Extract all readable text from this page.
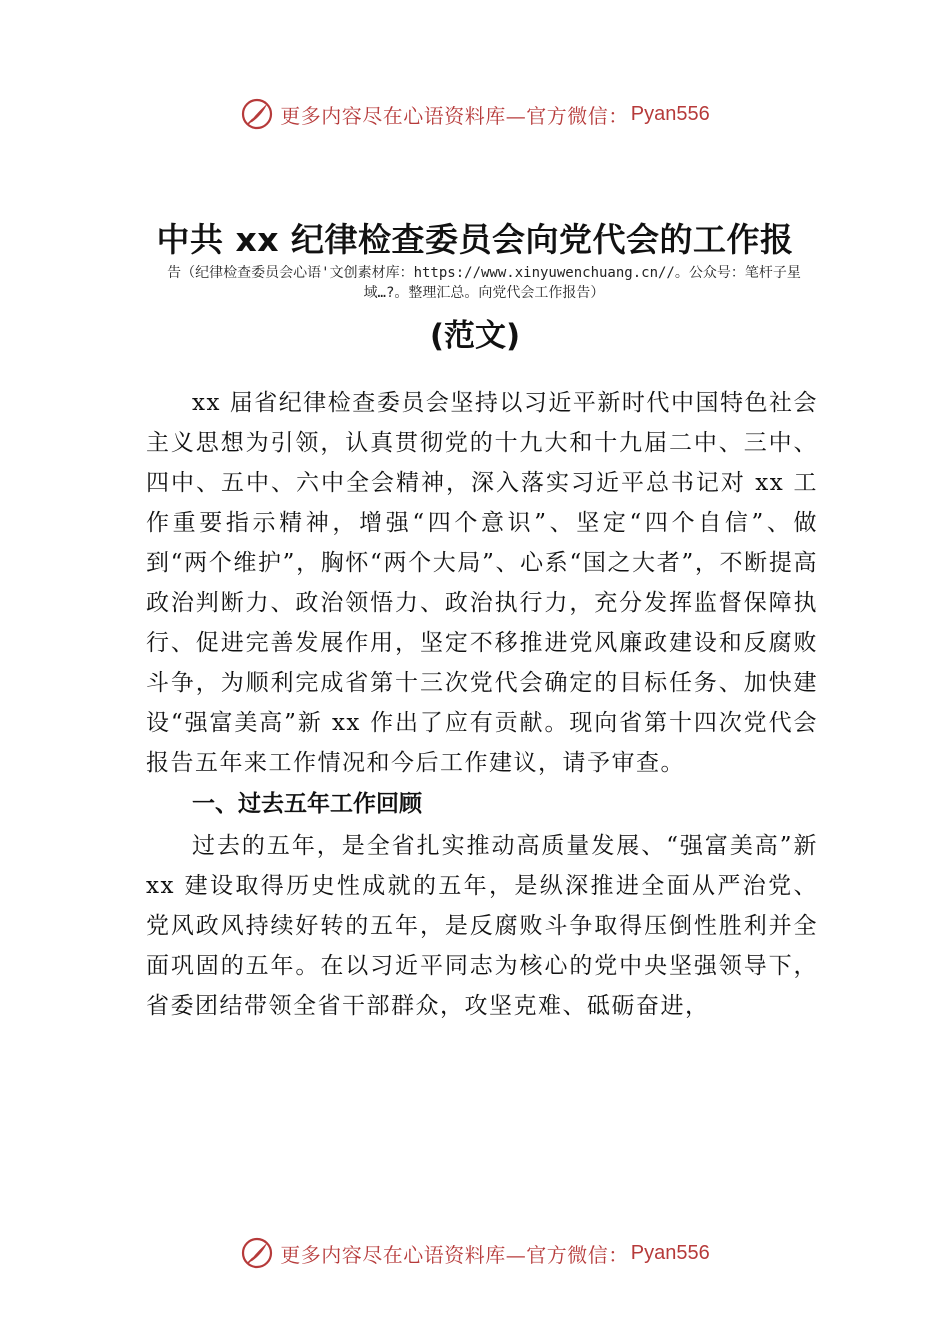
更多内容尽在心语资料库—官方微信： Pyan556
中共 xx 纪律检查委员会向党代会的工作报
告（纪律检查委员会心语'文创素材库：https://www.xinyuwenchuang.cn//。公众号：笔杆子星域…?。整理汇总。向党代会工作报告）
(范文)

xx 届省纪律检查委员会坚持以习近平新时代中国特色社会主义思想为引领，认真贯彻党的十九大和十九届二中、三中、四中、五中、六中全会精神，深入落实习近平总书记对 xx 工作重要指示精神，增强“四个意识”、坚定“四个自信”、做到“两个维护”，胸怀“两个大局”、心系“国之大者”，不断提高政治判断力、政治领悟力、政治执行力，充分发挥监督保障执行、促进完善发展作用，坚定不移推进党风廉政建设和反腐败斗争，为顺利完成省第十三次党代会确定的目标任务、加快建设“强富美高”新 xx 作出了应有贡献。现向省第十四次党代会报告五年来工作情况和今后工作建议，请予审查。

一、过去五年工作回顾

过去的五年，是全省扎实推动高质量发展、“强富美高”新 xx 建设取得历史性成就的五年，是纵深推进全面从严治党、党风政风持续好转的五年，是反腐败斗争取得压倒性胜利并全面巩固的五年。在以习近平同志为核心的党中央坚强领导下，省委团结带领全省干部群众，攻坚克难、砥砺奋进，

更多内容尽在心语资料库—官方微信： Pyan556
